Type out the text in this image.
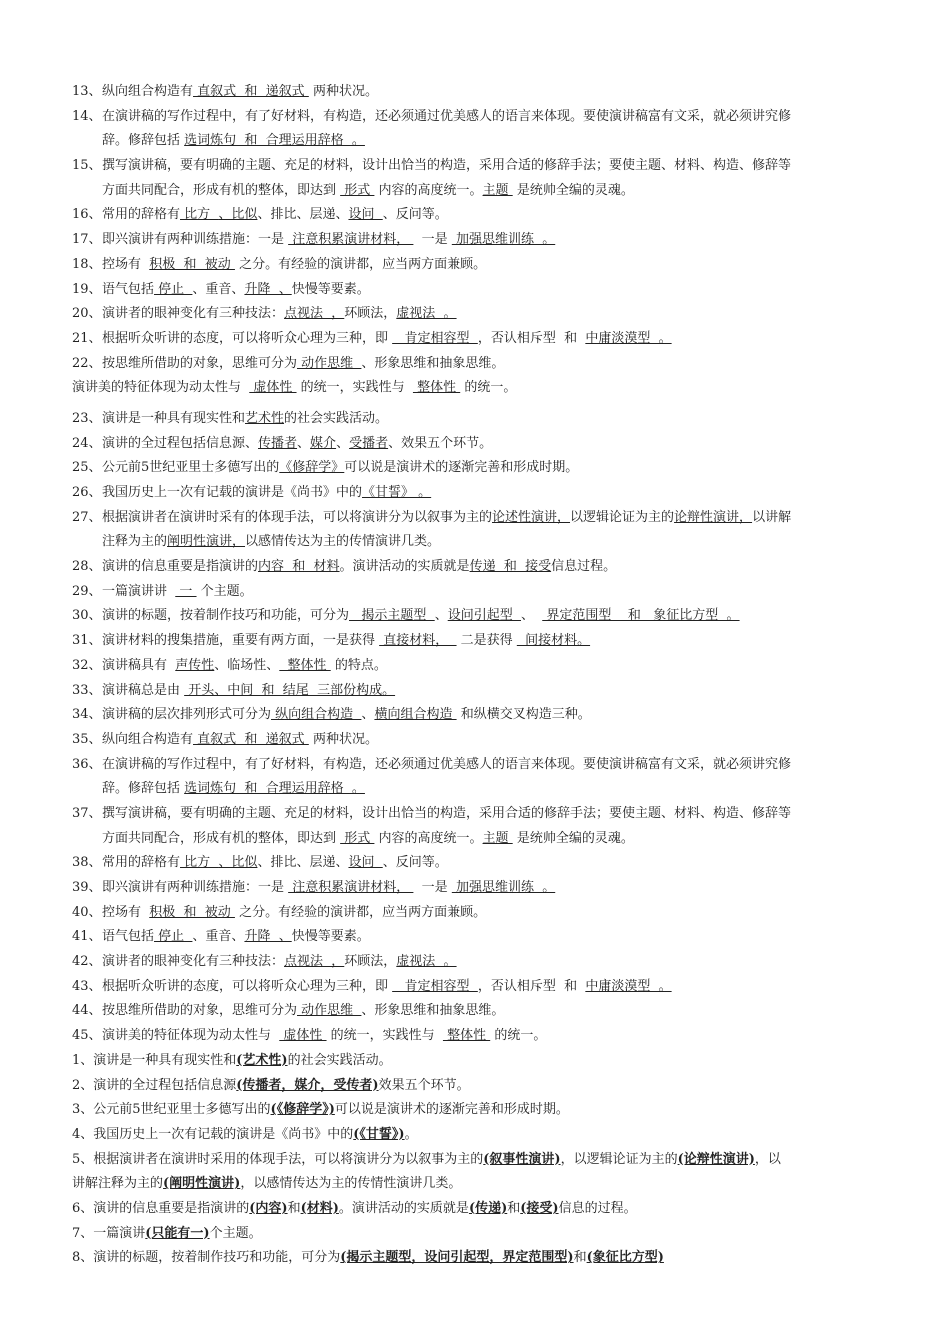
13、纵向组合构造有 直叙式  和  递叙式  两种状况。
14、在演讲稿的写作过程中，有了好材料，有构造，还必须通过优美感人的语言来体现。要使演讲稿富有文采，就必须讲究修
辞。修辞包括 选词炼句  和  合理运用辞格  。
15、撰写演讲稿，要有明确的主题、充足的材料，设计出恰当的构造，采用合适的修辞手法；要使主题、材料、构造、修辞等
方面共同配合，形成有机的整体，即达到  形式  内容的高度统一。主题  是统帅全编的灵魂。
16、常用的辞格有 比方  、比似、排比、层递、设问  、反问等。
17、即兴演讲有两种训练措施：一是  注意积累演讲材料，   一是  加强思维训练  。
18、控场有  积极  和  被动  之分。有经验的演讲都，应当两方面兼顾。
19、语气包括 停止  、重音、升降  、快慢等要素。
20、演讲者的眼神变化有三种技法：点视法  ，环顾法，虚视法  。
21、根据听众听讲的态度，可以将听众心理为三种，即    肯定相容型  ，否认相斥型  和  中庸淡漠型  。
22、按思维所借助的对象，思维可分为 动作思维  、形象思维和抽象思维。
演讲美的特征体现为动太性与   虚体性  的统一，实践性与   整体性  的统一。
23、演讲是一种具有现实性和艺术性的社会实践活动。
24、演讲的全过程包括信息源、传播者、媒介、受播者、效果五个环节。
25、公元前5世纪亚里士多德写出的《修辞学》可以说是演讲术的逐渐完善和形成时期。
26、我国历史上一次有记载的演讲是《尚书》中的《甘誓》 。
27、根据演讲者在演讲时采有的体现手法，可以将演讲分为以叙事为主的论述性演讲，以逻辑论证为主的论辩性演讲，以讲解
注释为主的阐明性演讲，以感情传达为主的传情演讲几类。
28、演讲的信息重要是指演讲的内容  和  材料。演讲活动的实质就是传递  和  接受信息过程。
29、一篇演讲讲   一  个主题。
30、演讲的标题，按着制作技巧和功能，可分为   揭示主题型  、设问引起型  、   界定范围型    和   象征比方型  。
31、演讲材料的搜集措施，重要有两方面，一是获得  直接材料，   二是获得   间接材料。
32、演讲稿具有  声传性、临场性、  整体性  的特点。
33、演讲稿总是由  开头、中间  和  结尾  三部份构成。
34、演讲稿的层次排列形式可分为 纵向组合构造  、横向组合构造  和纵横交叉构造三种。
35、纵向组合构造有 直叙式  和  递叙式  两种状况。
36、在演讲稿的写作过程中，有了好材料，有构造，还必须通过优美感人的语言来体现。要使演讲稿富有文采，就必须讲究修
辞。修辞包括 选词炼句  和  合理运用辞格  。
37、撰写演讲稿，要有明确的主题、充足的材料，设计出恰当的构造，采用合适的修辞手法；要使主题、材料、构造、修辞等
方面共同配合，形成有机的整体，即达到  形式  内容的高度统一。主题  是统帅全编的灵魂。
38、常用的辞格有 比方  、比似、排比、层递、设问  、反问等。
39、即兴演讲有两种训练措施：一是  注意积累演讲材料，   一是  加强思维训练  。
40、控场有  积极  和  被动  之分。有经验的演讲都，应当两方面兼顾。
41、语气包括 停止  、重音、升降  、快慢等要素。
42、演讲者的眼神变化有三种技法：点视法  ，环顾法，虚视法  。
43、根据听众听讲的态度，可以将听众心理为三种，即    肯定相容型  ，否认相斥型  和  中庸淡漠型  。
44、按思维所借助的对象，思维可分为 动作思维  、形象思维和抽象思维。
45、演讲美的特征体现为动太性与   虚体性  的统一，实践性与   整体性  的统一。
1、演讲是一种具有现实性和(艺术性)的社会实践活动。
2、演讲的全过程包括信息源(传播者，媒介，受传者)效果五个环节。
3、公元前5世纪亚里士多德写出的(《修辞学》)可以说是演讲术的逐渐完善和形成时期。
4、我国历史上一次有记载的演讲是《尚书》中的(《甘誓》)。
5、根据演讲者在演讲时采用的体现手法，可以将演讲分为以叙事为主的(叙事性演讲)，以逻辑论证为主的(论辩性演讲)，以
讲解注释为主的(阐明性演讲)，以感情传达为主的传情性演讲几类。
6、演讲的信息重要是指演讲的(内容)和(材料)。演讲活动的实质就是(传递)和(接受)信息的过程。
7、一篇演讲(只能有一)个主题。
8、演讲的标题，按着制作技巧和功能，可分为(揭示主题型，设问引起型，界定范围型)和(象征比方型)
